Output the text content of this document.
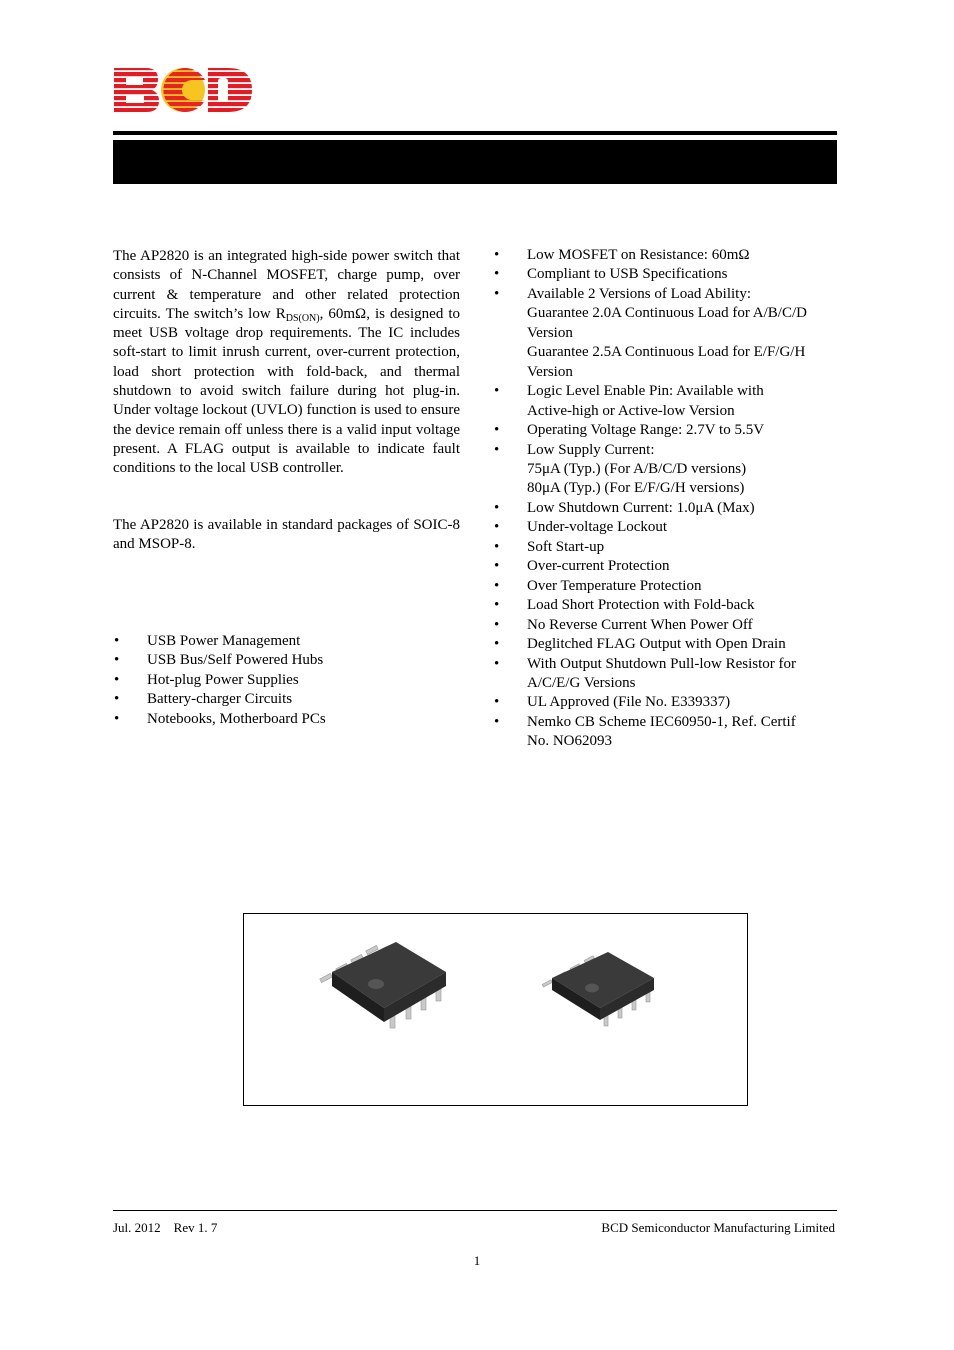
The AP2820 is an integrated high-side power switch that consists of N-Channel MOSFET, charge pump, over current & temperature and other related protection circuits. The switch’s low $R_{DS(ON)}$, 60mΩ, is designed to meet USB voltage drop requirements. The IC includes soft-start to limit inrush current, over-current protection, load short protection with fold-back, and thermal shutdown to avoid switch failure during hot plug-in. Under voltage lockout (UVLO) function is used to ensure the device remain off unless there is a valid input voltage present. A FLAG output is available to indicate fault conditions to the local USB controller.

The AP2820 is available in standard packages of SOIC-8 and MSOP-8.

• USB Power Management
• USB Bus/Self Powered Hubs
• Hot-plug Power Supplies
• Battery-charger Circuits
• Notebooks, Motherboard PCs
• Low MOSFET on Resistance: 60mΩ
• Compliant to USB Specifications
• Available 2 Versions of Load Ability:
Guarantee 2.0A Continuous Load for A/B/C/D
Version
Guarantee 2.5A Continuous Load for E/F/G/H
Version
• Logic Level Enable Pin: Available with
Active-high or Active-low Version
• Operating Voltage Range: 2.7V to 5.5V
• Low Supply Current:
75μA (Typ.) (For A/B/C/D versions)
80μA (Typ.) (For E/F/G/H versions)
• Low Shutdown Current: 1.0μA (Max)
• Under-voltage Lockout
• Soft Start-up
• Over-current Protection
• Over Temperature Protection
• Load Short Protection with Fold-back
• No Reverse Current When Power Off
• Deglitched FLAG Output with Open Drain
• With Output Shutdown Pull-low Resistor for
A/C/E/G Versions
• UL Approved (File No. E339337)
• Nemko CB Scheme IEC60950-1, Ref. Certif
No. NO62093
Jul. 2012    Rev 1. 7	BCD Semiconductor Manufacturing Limited
1
